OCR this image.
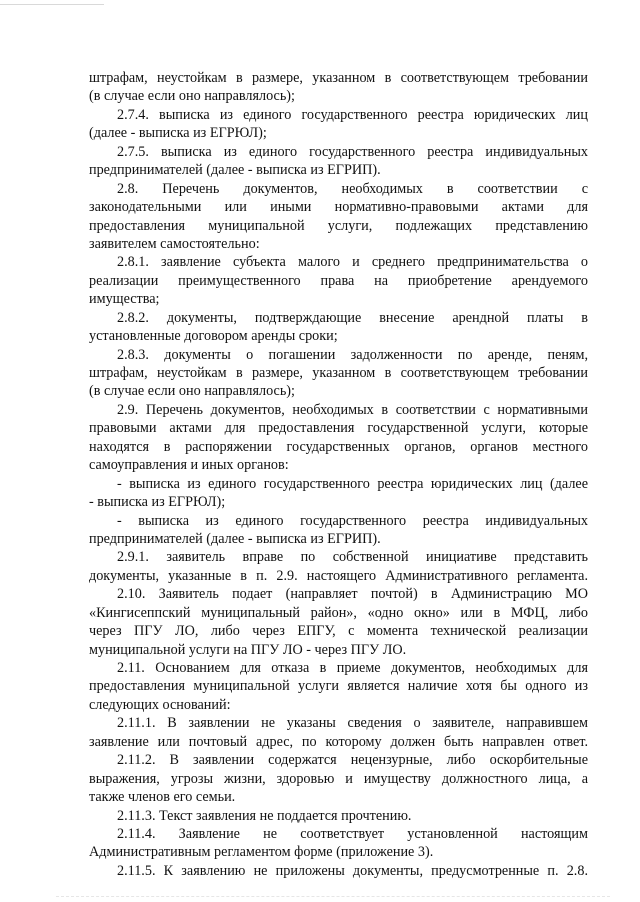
штрафам, неустойкам в размере, указанном в соответствующем требовании
(в случае если оно направлялось);
2.7.4. выписка из единого государственного реестра юридических лиц
(далее - выписка из ЕГРЮЛ);
2.7.5. выписка из единого государственного реестра индивидуальных
предпринимателей (далее - выписка из ЕГРИП).
2.8. Перечень документов, необходимых в соответствии с
законодательными или иными нормативно-правовыми актами для
предоставления муниципальной услуги, подлежащих представлению
заявителем самостоятельно:
2.8.1. заявление субъекта малого и среднего предпринимательства о
реализации преимущественного права на приобретение арендуемого
имущества;
2.8.2. документы, подтверждающие внесение арендной платы в
установленные договором аренды сроки;
2.8.3. документы о погашении задолженности по аренде, пеням,
штрафам, неустойкам в размере, указанном в соответствующем требовании
(в случае если оно направлялось);
2.9. Перечень документов, необходимых в соответствии с нормативными
правовыми актами для предоставления государственной услуги, которые
находятся в распоряжении государственных органов, органов местного
самоуправления и иных органов:
- выписка из единого государственного реестра юридических лиц (далее
- выписка из ЕГРЮЛ);
- выписка из единого государственного реестра индивидуальных
предпринимателей (далее - выписка из ЕГРИП).
2.9.1. заявитель вправе по собственной инициативе представить
документы, указанные в п. 2.9. настоящего Административного регламента.
2.10. Заявитель подает (направляет почтой) в Администрацию МО
«Кингисеппский муниципальный район», «одно окно» или в МФЦ, либо
через ПГУ ЛО, либо через ЕПГУ, с момента технической реализации
муниципальной услуги на ПГУ ЛО - через ПГУ ЛО.
2.11. Основанием для отказа в приеме документов, необходимых для
предоставления муниципальной услуги является наличие хотя бы одного из
следующих оснований:
2.11.1. В заявлении не указаны сведения о заявителе, направившем
заявление или почтовый адрес, по которому должен быть направлен ответ.
2.11.2. В заявлении содержатся нецензурные, либо оскорбительные
выражения, угрозы жизни, здоровью и имуществу должностного лица, а
также членов его семьи.
2.11.3. Текст заявления не поддается прочтению.
2.11.4. Заявление не соответствует установленной настоящим
Административным регламентом форме (приложение 3).
2.11.5. К заявлению не приложены документы, предусмотренные п. 2.8.
